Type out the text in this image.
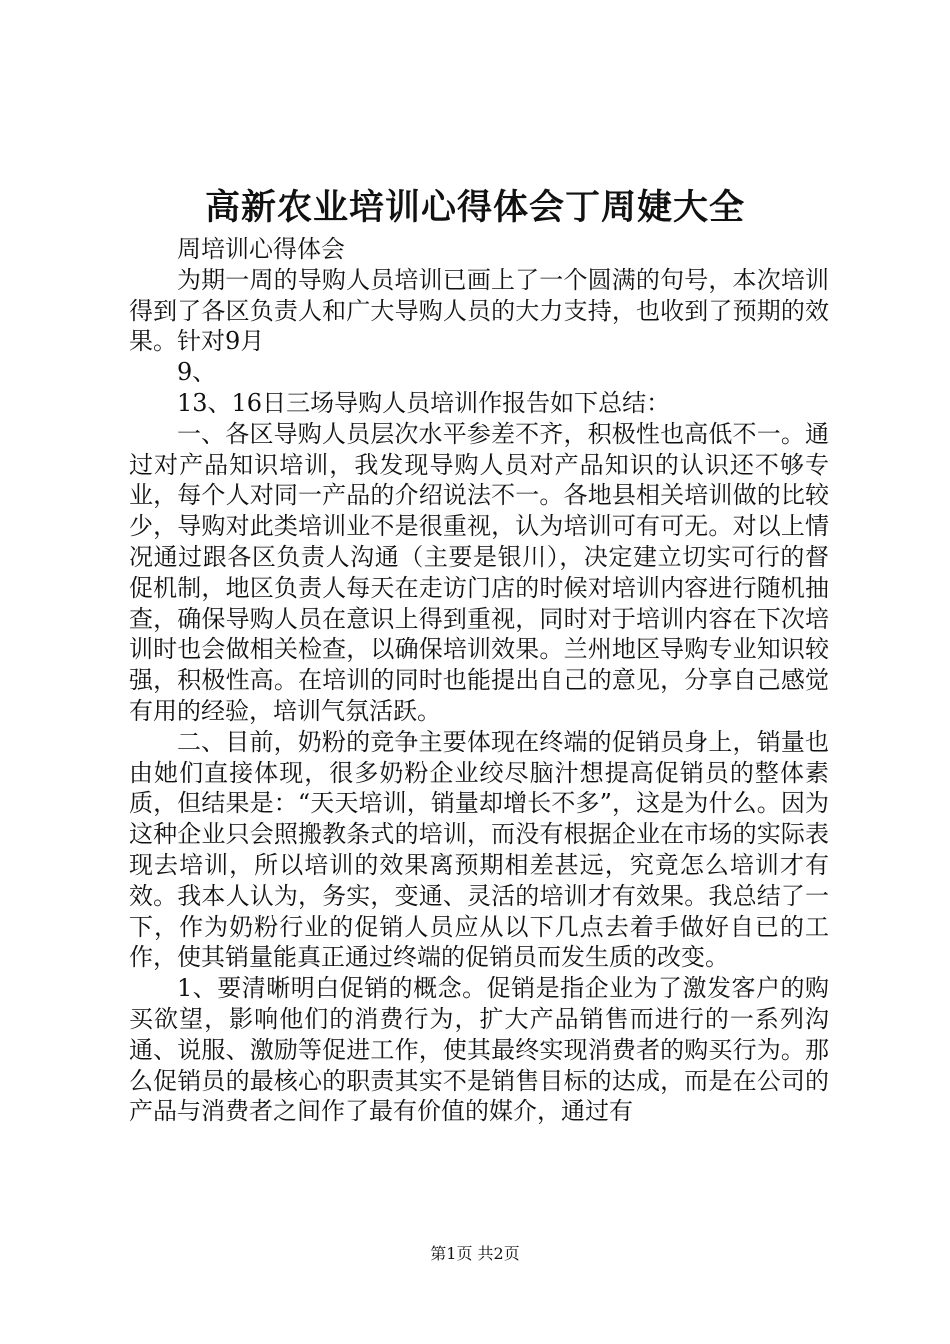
高新农业培训心得体会丁周婕大全

周培训心得体会

为期一周的导购人员培训已画上了一个圆满的句号，本次培训得到了各区负责人和广大导购人员的大力支持，也收到了预期的效果。针对9月

9、

13、16日三场导购人员培训作报告如下总结：

一、各区导购人员层次水平参差不齐，积极性也高低不一。通过对产品知识培训，我发现导购人员对产品知识的认识还不够专业，每个人对同一产品的介绍说法不一。各地县相关培训做的比较少，导购对此类培训业不是很重视，认为培训可有可无。对以上情况通过跟各区负责人沟通（主要是银川），决定建立切实可行的督促机制，地区负责人每天在走访门店的时候对培训内容进行随机抽查，确保导购人员在意识上得到重视，同时对于培训内容在下次培训时也会做相关检查，以确保培训效果。兰州地区导购专业知识较强，积极性高。在培训的同时也能提出自己的意见，分享自己感觉有用的经验，培训气氛活跃。

二、目前，奶粉的竞争主要体现在终端的促销员身上，销量也由她们直接体现，很多奶粉企业绞尽脑汁想提高促销员的整体素质，但结果是：“天天培训，销量却增长不多”，这是为什么。因为这种企业只会照搬教条式的培训，而没有根据企业在市场的实际表现去培训，所以培训的效果离预期相差甚远，究竟怎么培训才有效。我本人认为，务实，变通、灵活的培训才有效果。我总结了一下，作为奶粉行业的促销人员应从以下几点去着手做好自已的工作，使其销量能真正通过终端的促销员而发生质的改变。

1、要清晰明白促销的概念。促销是指企业为了激发客户的购买欲望，影响他们的消费行为，扩大产品销售而进行的一系列沟通、说服、激励等促进工作，使其最终实现消费者的购买行为。那么促销员的最核心的职责其实不是销售目标的达成，而是在公司的产品与消费者之间作了最有价值的媒介，通过有

第1页 共2页
